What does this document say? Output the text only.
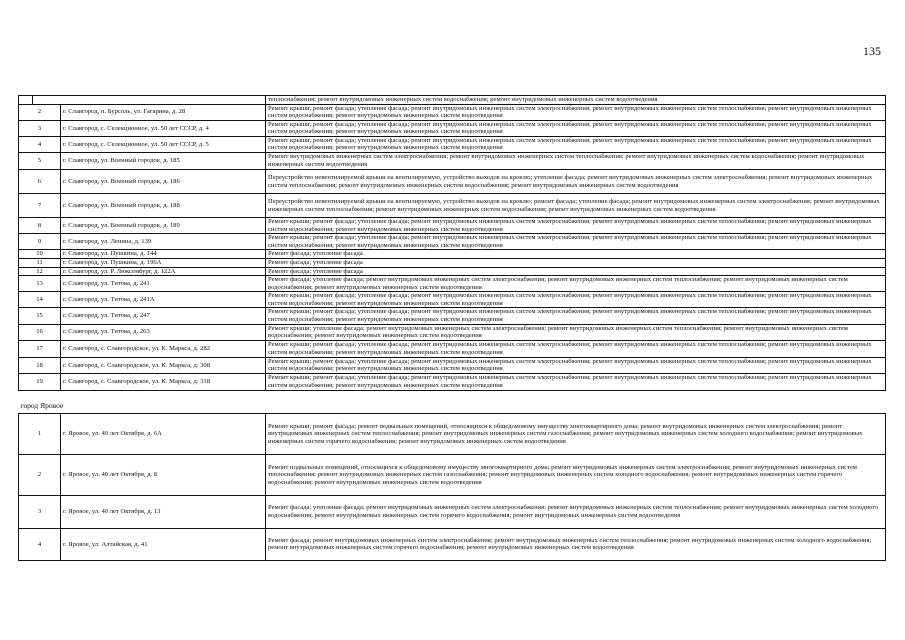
135
			теплоснабжения; ремонт внутридомовых инженерных систем водоснабжения; ремонт внутридомовых инженерных систем водоотведения
2		г. Славгород, п. Бурсоль, ул. Гагарина, д. 28	Ремонт крыши; ремонт фасада; утепление фасада; ремонт внутридомовых инженерных систем электроснабжения; ремонт внутридомовых инженерных систем теплоснабжения; ремонт внутридомовых инженерных систем водоснабжения; ремонт внутридомовых инженерных систем водоотведения
3		г. Славгород, с. Селекционное, ул. 50 лет СССР, д. 4	Ремонт крыши; ремонт фасада; утепление фасада; ремонт внутридомовых инженерных систем электроснабжения; ремонт внутридомовых инженерных систем теплоснабжения; ремонт внутридомовых инженерных систем водоснабжения; ремонт внутридомовых инженерных систем водоотведения
4		г. Славгород, с. Селекционное, ул. 50 лет СССР, д. 5	Ремонт крыши; ремонт фасада; утепление фасада; ремонт внутридомовых инженерных систем электроснабжения; ремонт внутридомовых инженерных систем теплоснабжения; ремонт внутридомовых инженерных систем водоснабжения; ремонт внутридомовых инженерных систем водоотведения
5		г. Славгород, ул. Военный городок, д. 185	Ремонт внутридомовых инженерных систем электроснабжения; ремонт внутридомовых инженерных систем теплоснабжения; ремонт внутридомовых инженерных систем водоснабжения; ремонт внутридомовых инженерных систем водоотведения
6		г. Славгород, ул. Военный городок, д. 186	Переустройство невентилируемой крыши на вентилируемую, устройство выходов на кровлю; утепление фасада; ремонт внутридомовых инженерных систем электроснабжения; ремонт внутридомовых инженерных систем теплоснабжения; ремонт внутридомовых инженерных систем водоснабжения; ремонт внутридомовых инженерных систем водоотведения
7		г. Славгород, ул. Военный городок, д. 188	Переустройство невентилируемой крыши на вентилируемую, устройство выходов на кровлю; ремонт фасада; утепление фасада; ремонт внутридомовых инженерных систем электроснабжения; ремонт внутридомовых инженерных систем теплоснабжения; ремонт внутридомовых инженерных систем водоснабжения; ремонт внутридомовых инженерных систем водоотведения
8		г. Славгород, ул. Военный городок, д. 189	Ремонт крыши; ремонт фасада; утепление фасада; ремонт внутридомовых инженерных систем электроснабжения; ремонт внутридомовых инженерных систем теплоснабжения; ремонт внутридомовых инженерных систем водоснабжения; ремонт внутридомовых инженерных систем водоотведения
9		г. Славгород, ул. Ленина, д. 139	Ремонт крыши; ремонт фасада; утепление фасада; ремонт внутридомовых инженерных систем электроснабжения; ремонт внутридомовых инженерных систем теплоснабжения; ремонт внутридомовых инженерных систем водоснабжения; ремонт внутридомовых инженерных систем водоотведения
10		г. Славгород, ул. Пушкина, д. 144	Ремонт фасада; утепление фасада
11		г. Славгород, ул. Пушкина, д. 196А	Ремонт фасада; утепление фасада
12		г. Славгород, ул. Р. Люксембург, д. 122А	Ремонт фасада; утепление фасада
13		г. Славгород, ул. Титова, д. 241	Ремонт фасада; утепление фасада; ремонт внутридомовых инженерных систем электроснабжения; ремонт внутридомовых инженерных систем теплоснабжения; ремонт внутридомовых инженерных систем водоснабжения; ремонт внутридомовых инженерных систем водоотведения
14		г. Славгород, ул. Титова, д. 241А	Ремонт крыши; ремонт фасада; утепление фасада; ремонт внутридомовых инженерных систем электроснабжения; ремонт внутридомовых инженерных систем теплоснабжения; ремонт внутридомовых инженерных систем водоснабжения; ремонт внутридомовых инженерных систем водоотведения
15		г. Славгород, ул. Титова, д. 247	Ремонт крыши; ремонт фасада; утепление фасада; ремонт внутридомовых инженерных систем электроснабжения; ремонт внутридомовых инженерных систем теплоснабжения; ремонт внутридомовых инженерных систем водоснабжения; ремонт внутридомовых инженерных систем водоотведения
16		г. Славгород, ул. Титова, д. 263	Ремонт крыши; утепление фасада; ремонт внутридомовых инженерных систем электроснабжения; ремонт внутридомовых инженерных систем теплоснабжения; ремонт внутридомовых инженерных систем водоснабжения; ремонт внутридомовых инженерных систем водоотведения
17		г. Славгород, с. Славгородское, ул. К. Маркса, д. 282	Ремонт крыши; ремонт фасада; утепление фасада; ремонт внутридомовых инженерных систем электроснабжения; ремонт внутридомовых инженерных систем теплоснабжения; ремонт внутридомовых инженерных систем водоснабжения; ремонт внутридомовых инженерных систем водоотведения
18		г. Славгород, с. Славгородское, ул. К. Маркса, д. 308	Ремонт крыши; ремонт фасада; утепление фасада; ремонт внутридомовых инженерных систем электроснабжения; ремонт внутридомовых инженерных систем теплоснабжения; ремонт внутридомовых инженерных систем водоснабжения; ремонт внутридомовых инженерных систем водоотведения
19		г. Славгород, с. Славгородское, ул. К. Маркса, д. 318	Ремонт крыши; ремонт фасада; утепление фасада; ремонт внутридомовых инженерных систем электроснабжения; ремонт внутридомовых инженерных систем теплоснабжения; ремонт внутридомовых инженерных систем водоснабжения; ремонт внутридомовых инженерных систем водоотведения
город Яровое			
1		г. Яровое, ул. 40 лет Октября, д. 6А	Ремонт крыши; ремонт фасада; ремонт подвальных помещений, относящихся к общедомовому имуществу многоквартирного дома; ремонт внутридомовых инженерных систем электроснабжения; ремонт внутридомовых инженерных систем теплоснабжения; ремонт внутридомовых инженерных систем газоснабжения; ремонт внутридомовых инженерных систем холодного водоснабжения; ремонт внутридомовых инженерных систем горячего водоснабжения; ремонт внутридомовых инженерных систем водоотведения
2		г. Яровое, ул. 40 лет Октября, д. 8	Ремонт подвальных помещений, относящихся к общедомовому имуществу многоквартирного дома; ремонт внутридомовых инженерных систем электроснабжения; ремонт внутридомовых инженерных систем теплоснабжения; ремонт внутридомовых инженерных систем газоснабжения; ремонт внутридомовых инженерных систем холодного водоснабжения; ремонт внутридомовых инженерных систем горячего водоснабжения; ремонт внутридомовых инженерных систем водоотведения
3		г. Яровое, ул. 40 лет Октября, д. 13	Ремонт фасада; утепление фасада; ремонт внутридомовых инженерных систем электроснабжения; ремонт внутридомовых инженерных систем теплоснабжения; ремонт внутридомовых инженерных систем холодного водоснабжения; ремонт внутридомовых инженерных систем горячего водоснабжения; ремонт внутридомовых инженерных систем водоотведения
4		г. Яровое, ул. Алтайская, д. 41	Ремонт фасада; ремонт внутридомовых инженерных систем электроснабжения; ремонт внутридомовых инженерных систем теплоснабжения; ремонт внутридомовых инженерных систем холодного водоснабжения; ремонт внутридомовых инженерных систем горячего водоснабжения; ремонт внутридомовых инженерных систем водоотведения
